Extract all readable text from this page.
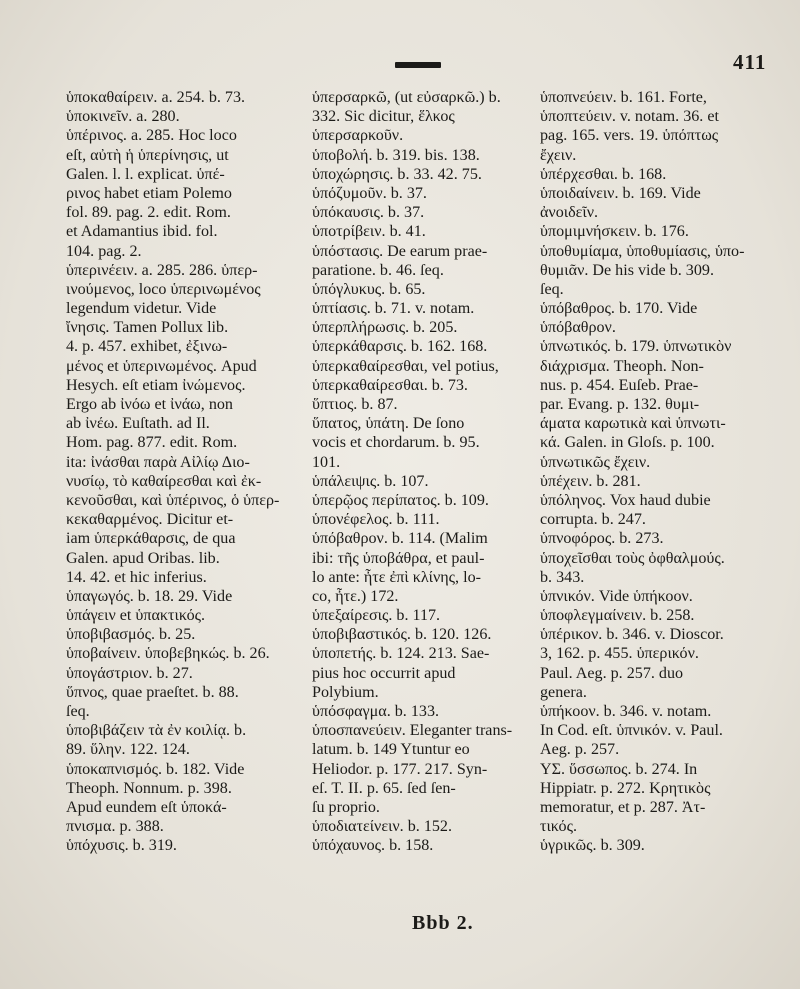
411
ὑποκαθαίρειν. a. 254. b. 73.
ὑποκινεῖν. a. 280.
ὑπέρινος. a. 285. Hoc loco
eſt, αὐτὴ ἡ ὑπερίνησις, ut
Galen. l. l. explicat. ὑπέ-
ρινος habet etiam Polemo
fol. 89. pag. 2. edit. Rom.
et Adamantius ibid. fol.
104. pag. 2.
ὑπερινέειν. a. 285. 286. ὑπερ-
ινούμενος, loco ὑπερινωμένος
legendum videtur. Vide
ἴνησις. Tamen Pollux lib.
4. p. 457. exhibet, ἐξινω-
μένος et ὑπερινωμένος. Apud
Hesych. eſt etiam ἰνώμενος.
Ergo ab ἰνόω et ἰνάω, non
ab ἰνέω. Euſtath. ad Il.
Hom. pag. 877. edit. Rom.
ita: ἰνάσθαι παρὰ Αἰλίῳ Διο-
νυσίῳ, τὸ καθαίρεσθαι καὶ ἐκ-
κενοῦσθαι, καὶ ὑπέρινος, ὁ ὑπερ-
κεκαθαρμένος. Dicitur et-
iam ὑπερκάθαρσις, de qua
Galen. apud Oribas. lib.
14. 42. et hic inferius.
ὑπαγωγός. b. 18. 29. Vide
ὑπάγειν et ὑπακτικός.
ὑποβιβασμός. b. 25.
ὑποβαίνειν. ὑποβεβηκώς. b. 26.
ὑπογάστριον. b. 27.
ὕπνος, quae praeſtet. b. 88.
ſeq.
ὑποβιβάζειν τὰ ἐν κοιλίᾳ. b.
89. ὕλην. 122. 124.
ὑποκαπνισμός. b. 182. Vide
Theoph. Nonnum. p. 398.
Apud eundem eſt ὑποκά-
πνισμα. p. 388.
ὑπόχυσις. b. 319.
ὑπερσαρκῶ, (ut εὐσαρκῶ.) b.
332. Sic dicitur, ἕλκος
ὑπερσαρκοῦν.
ὑποβολή. b. 319. bis. 138.
ὑποχώρησις. b. 33. 42. 75.
ὑπόζυμοῦν. b. 37.
ὑπόκαυσις. b. 37.
ὑποτρίβειν. b. 41.
ὑπόστασις. De earum prae-
paratione. b. 46. ſeq.
ὑπόγλυκυς. b. 65.
ὑπτίασις. b. 71. v. notam.
ὑπερπλήρωσις. b. 205.
ὑπερκάθαρσις. b. 162. 168.
ὑπερκαθαίρεσθαι, vel potius,
ὑπερκαθαίρεσθαι. b. 73.
ὕπτιος. b. 87.
ὕπατος, ὑπάτη. De ſono
vocis et chordarum. b. 95.
101.
ὑπάλειψις. b. 107.
ὑπερῷος περίπατος. b. 109.
ὑπονέφελος. b. 111.
ὑπόβαθρον. b. 114. (Malim
ibi: τῆς ὑποβάθρα, et paul-
lo ante: ἦτε ἐπὶ κλίνης, lo-
co, ἦτε.) 172.
ὑπεξαίρεσις. b. 117.
ὑποβιβαστικός. b. 120. 126.
ὑποπετής. b. 124. 213. Sae-
pius hoc occurrit apud
Polybium.
ὑπόσφαγμα. b. 133.
ὑποσπανεύειν. Eleganter trans-
latum. b. 149 Ytuntur eo
Heliodor. p. 177. 217. Syn-
eſ. T. II. p. 65. ſed ſen-
ſu proprio.
ὑποδιατείνειν. b. 152.
ὑπόχαυνος. b. 158.
ὑποπνεύειν. b. 161. Forte,
ὑποπτεύειν. v. notam. 36. et
pag. 165. vers. 19. ὑπόπτως
ἔχειν.
ὑπέρχεσθαι. b. 168.
ὑποιδαίνειν. b. 169. Vide
ἀνοιδεῖν.
ὑπομιμνήσκειν. b. 176.
ὑποθυμίαμα, ὑποθυμίασις, ὑπο-
θυμιᾶν. De his vide b. 309.
ſeq.
ὑπόβαθρος. b. 170. Vide
ὑπόβαθρον.
ὑπνωτικός. b. 179. ὑπνωτικὸν
διάχρισμα. Theoph. Non-
nus. p. 454. Euſeb. Prae-
par. Evang. p. 132. θυμι-
άματα καρωτικὰ καὶ ὑπνωτι-
κά. Galen. in Gloſs. p. 100.
ὑπνωτικῶς ἔχειν.
ὑπέχειν. b. 281.
ὑπόληνος. Vox haud dubie
corrupta. b. 247.
ὑπνοφόρος. b. 273.
ὑποχεῖσθαι τοὺς ὀφθαλμούς.
b. 343.
ὑπνικόν. Vide ὑπήκοον.
ὑποφλεγμαίνειν. b. 258.
ὑπέρικον. b. 346. v. Dioscor.
3, 162. p. 455. ὑπερικόν.
Paul. Aeg. p. 257. duo
genera.
ὑπήκοον. b. 346. v. notam.
In Cod. eſt. ὑπνικόν. v. Paul.
Aeg. p. 257.
ΥΣ. ὕσσωπος. b. 274. In
Hippiatr. p. 272. Κρητικὸς
memoratur, et p. 287. Ἀτ-
τικός.
ὑγρικῶς. b. 309.
Bbb 2.
